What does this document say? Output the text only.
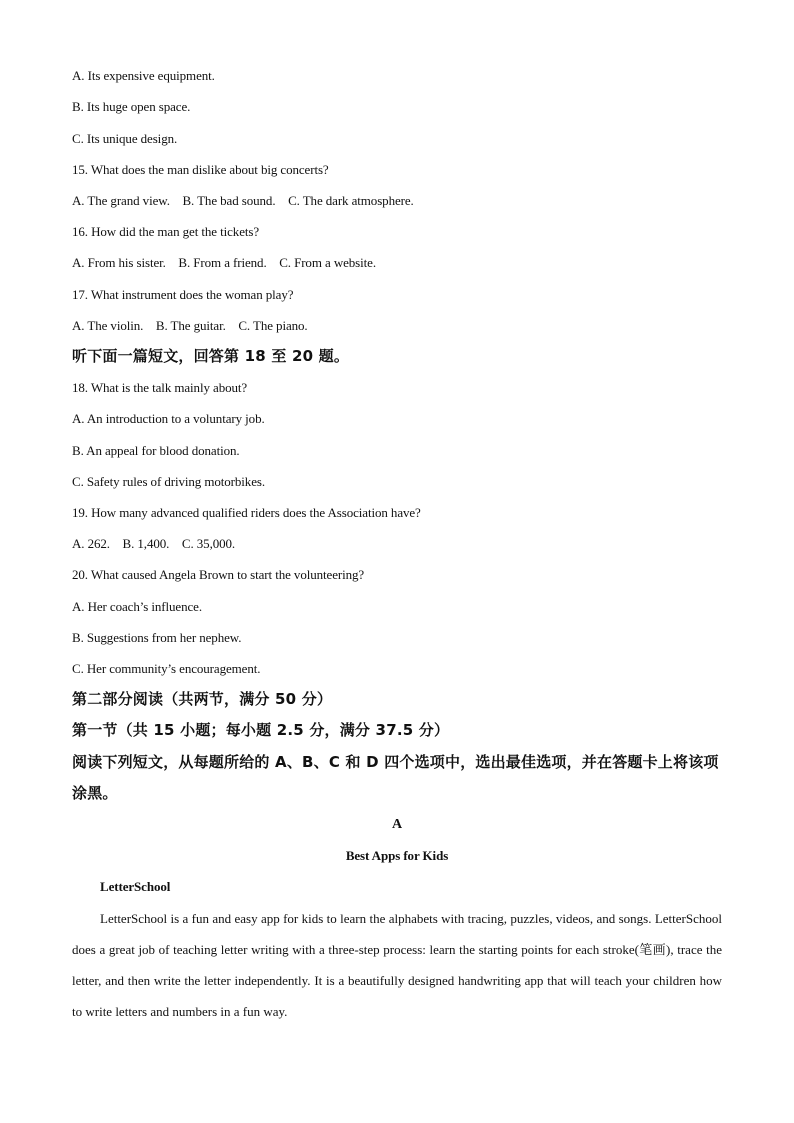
A. Its expensive equipment.
B. Its huge open space.
C. Its unique design.
15. What does the man dislike about big concerts?
A. The grand view.    B. The bad sound.    C. The dark atmosphere.
16. How did the man get the tickets?
A. From his sister.    B. From a friend.    C. From a website.
17. What instrument does the woman play?
A. The violin.    B. The guitar.    C. The piano.
听下面一篇短文，回答第 18 至 20 题。
18. What is the talk mainly about?
A. An introduction to a voluntary job.
B. An appeal for blood donation.
C. Safety rules of driving motorbikes.
19. How many advanced qualified riders does the Association have?
A. 262.    B. 1,400.    C. 35,000.
20. What caused Angela Brown to start the volunteering?
A. Her coach’s influence.
B. Suggestions from her nephew.
C. Her community’s encouragement.
第二部分阅读（共两节，满分 50 分）
第一节（共 15 小题；每小题 2.5 分，满分 37.5 分）
阅读下列短文，从每题所给的 A、B、C 和 D 四个选项中，选出最佳选项，并在答题卡上将该项涂黑。
A
Best Apps for Kids
LetterSchool
LetterSchool is a fun and easy app for kids to learn the alphabets with tracing, puzzles, videos, and songs. LetterSchool does a great job of teaching letter writing with a three-step process: learn the starting points for each stroke(笔画), trace the letter, and then write the letter independently. It is a beautifully designed handwriting app that will teach your children how to write letters and numbers in a fun way.
